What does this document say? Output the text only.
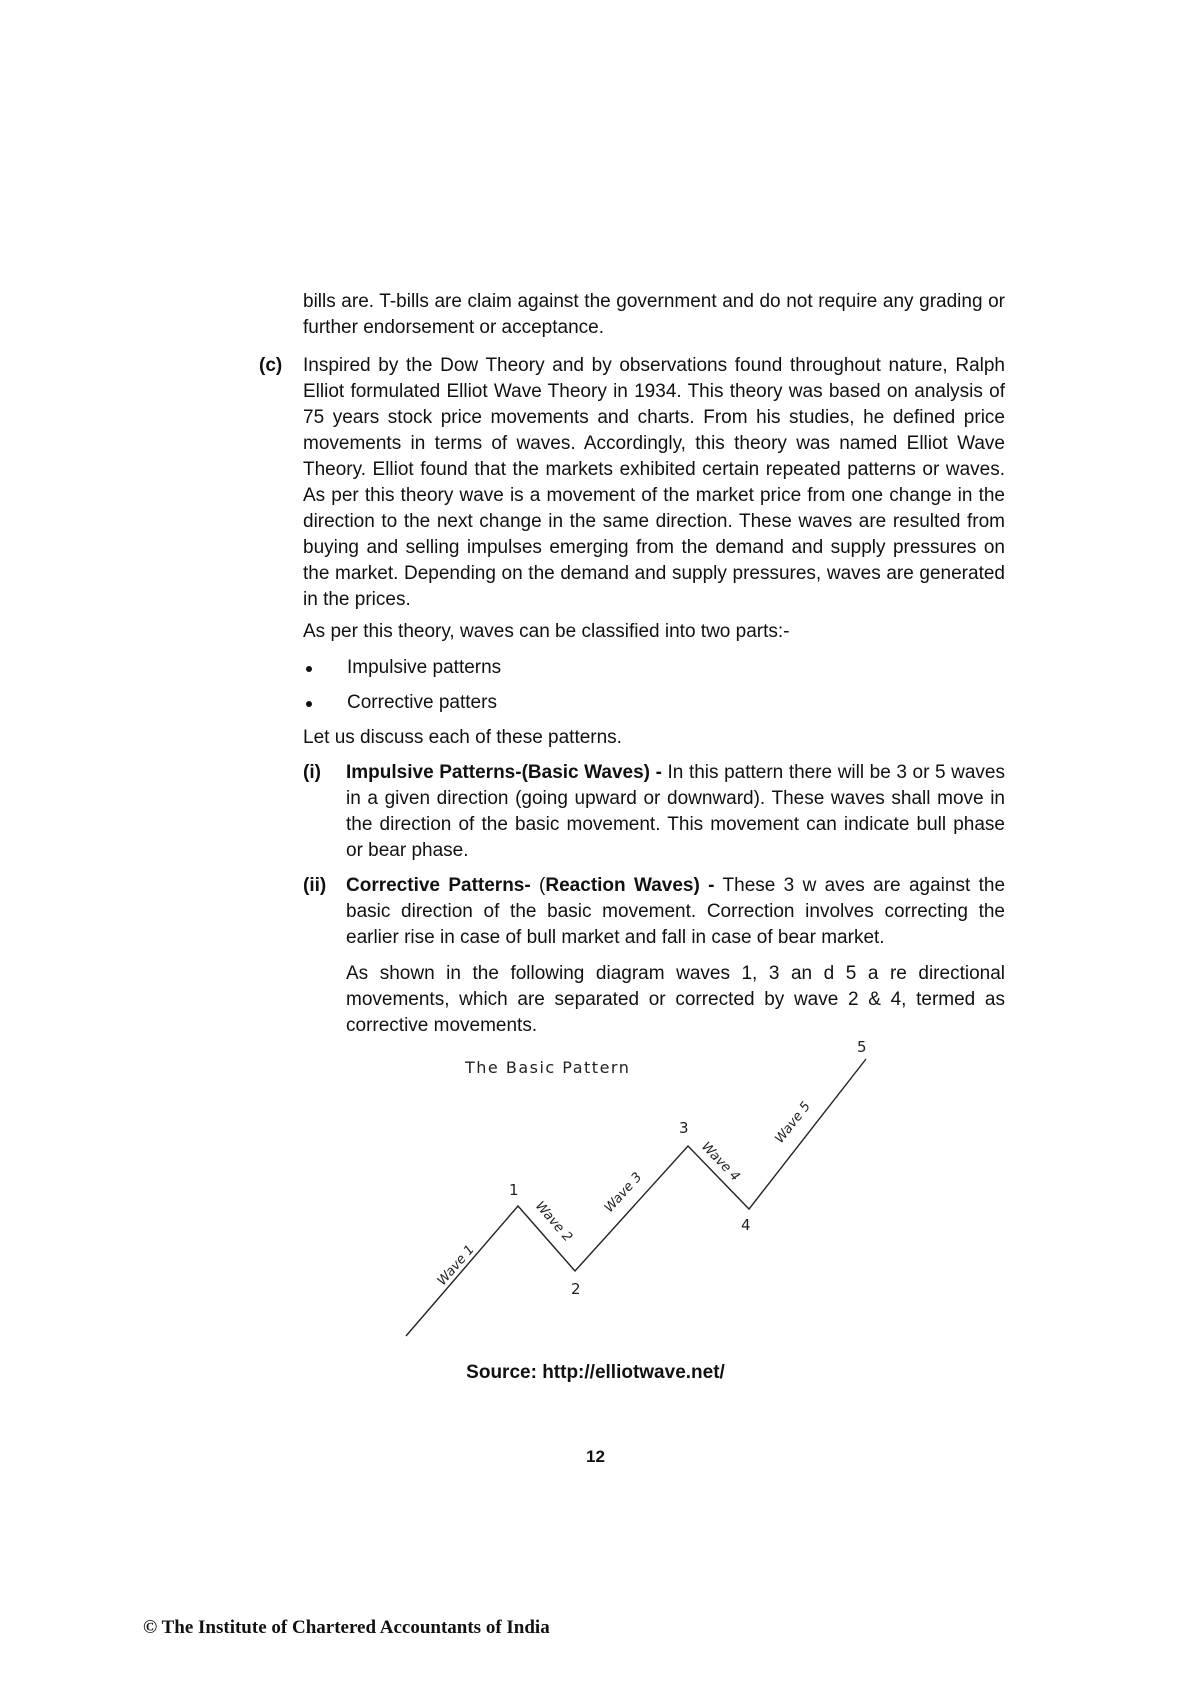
bills are. T-bills are claim against the government and do not require any grading or further endorsement or acceptance.

(c) Inspired by the Dow Theory and by observations found throughout nature, Ralph Elliot formulated Elliot Wave Theory in 1934. This theory was based on analysis of 75 years stock price movements and charts. From his studies, he defined price movements in terms of waves. Accordingly, this theory was named Elliot Wave Theory. Elliot found that the markets exhibited certain repeated patterns or waves. As per this theory wave is a movement of the market price from one change in the direction to the next change in the same direction. These waves are resulted from buying and selling impulses emerging from the demand and supply pressures on the market. Depending on the demand and supply pressures, waves are generated in the prices.

As per this theory, waves can be classified into two parts:-

Impulsive patterns
Corrective patters

Let us discuss each of these patterns.

(i) Impulsive Patterns-(Basic Waves) - In this pattern there will be 3 or 5 waves in a given direction (going upward or downward). These waves shall move in the direction of the basic movement. This movement can indicate bull phase or bear phase.

(ii) Corrective Patterns- (Reaction Waves) - These 3 w aves are against the basic direction of the basic movement. Correction involves correcting the earlier rise in case of bull market and fall in case of bear market.

As shown in the following diagram waves 1, 3 an d 5 a re directional movements, which are separated or corrected by wave 2 & 4, termed as corrective movements.

The Basic Pattern
1
2
3
4
5
Wave 1
Wave 2
Wave 3
Wave 4
Wave 5
Source: http://elliotwave.net/
12
© The Institute of Chartered Accountants of India
